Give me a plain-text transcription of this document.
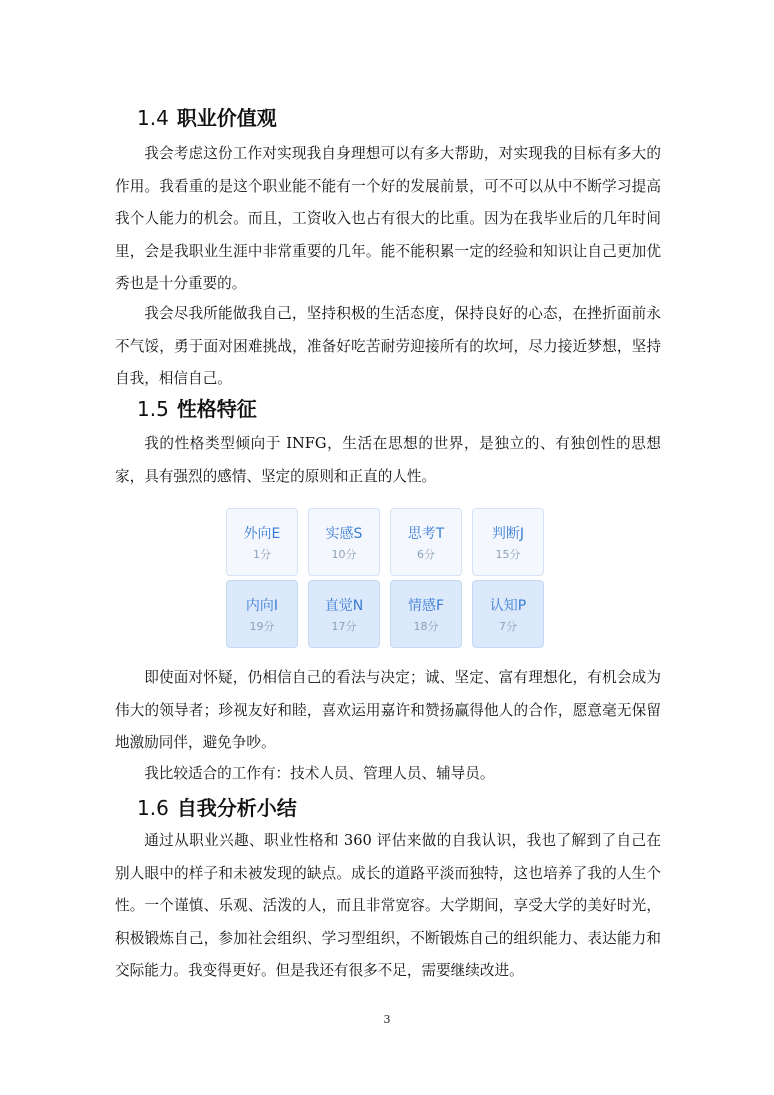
1.4 职业价值观

我会考虑这份工作对实现我自身理想可以有多大帮助，对实现我的目标有多大的作用。我看重的是这个职业能不能有一个好的发展前景，可不可以从中不断学习提高我个人能力的机会。而且，工资收入也占有很大的比重。因为在我毕业后的几年时间里，会是我职业生涯中非常重要的几年。能不能积累一定的经验和知识让自己更加优秀也是十分重要的。

我会尽我所能做我自己，坚持积极的生活态度，保持良好的心态，在挫折面前永不气馁，勇于面对困难挑战，准备好吃苦耐劳迎接所有的坎坷，尽力接近梦想，坚持自我，相信自己。

1.5 性格特征

我的性格类型倾向于 INFG，生活在思想的世界，是独立的、有独创性的思想家，具有强烈的感情、坚定的原则和正直的人性。

外向E
1分
实感S
10分
思考T
6分
判断J
15分
内向I
19分
直觉N
17分
情感F
18分
认知P
7分

即使面对怀疑，仍相信自己的看法与决定；诚、坚定、富有理想化，有机会成为伟大的领导者；珍视友好和睦，喜欢运用嘉许和赞扬赢得他人的合作，愿意毫无保留地激励同伴，避免争吵。

我比较适合的工作有：技术人员、管理人员、辅导员。

1.6 自我分析小结

通过从职业兴趣、职业性格和 360 评估来做的自我认识，我也了解到了自己在别人眼中的样子和未被发现的缺点。成长的道路平淡而独特，这也培养了我的人生个性。一个谨慎、乐观、活泼的人，而且非常宽容。大学期间，享受大学的美好时光，积极锻炼自己，参加社会组织、学习型组织，不断锻炼自己的组织能力、表达能力和交际能力。我变得更好。但是我还有很多不足，需要继续改进。

3
